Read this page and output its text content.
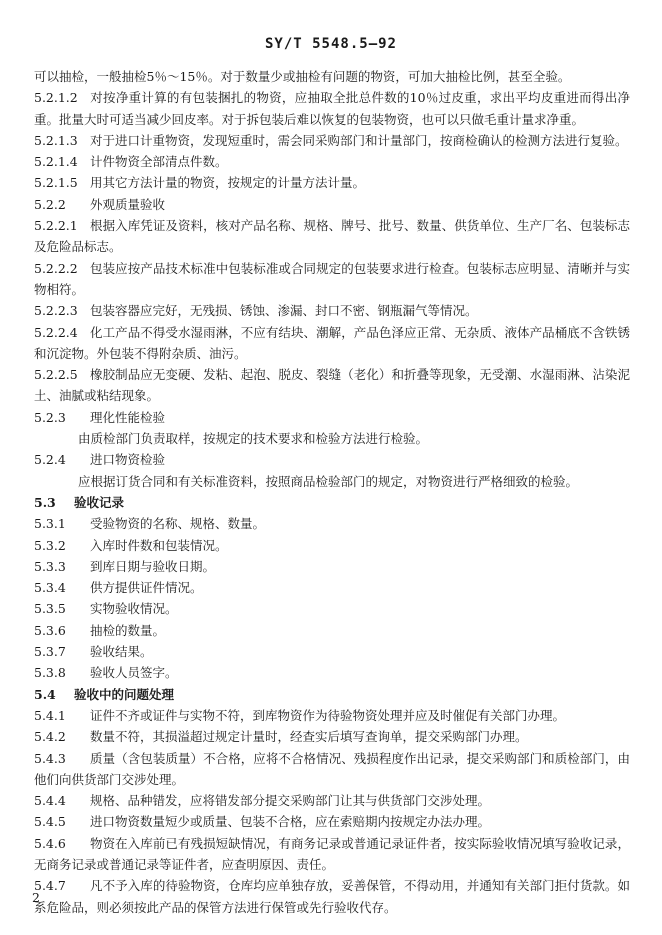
SY/T 5548.5—92

可以抽检，一般抽检5％～15％。对于数量少或抽检有问题的物资，可加大抽检比例，甚至全验。

5.2.1.2 对按净重计算的有包装捆扎的物资，应抽取全批总件数的10％过皮重，求出平均皮重进而得出净重。批量大时可适当减少回皮率。对于拆包装后难以恢复的包装物资，也可以只做毛重计量求净重。

5.2.1.3 对于进口计重物资，发现短重时，需会同采购部门和计量部门，按商检确认的检测方法进行复验。

5.2.1.4 计件物资全部清点件数。

5.2.1.5 用其它方法计量的物资，按规定的计量方法计量。

5.2.2 外观质量验收

5.2.2.1 根据入库凭证及资料，核对产品名称、规格、牌号、批号、数量、供货单位、生产厂名、包装标志及危险品标志。

5.2.2.2 包装应按产品技术标准中包装标准或合同规定的包装要求进行检查。包装标志应明显、清晰并与实物相符。

5.2.2.3 包装容器应完好，无残损、锈蚀、渗漏、封口不密、钢瓶漏气等情况。

5.2.2.4 化工产品不得受水湿雨淋，不应有结块、潮解，产品色泽应正常、无杂质、液体产品桶底不含铁锈和沉淀物。外包装不得附杂质、油污。

5.2.2.5 橡胶制品应无变硬、发粘、起泡、脱皮、裂缝（老化）和折叠等现象，无受潮、水湿雨淋、沾染泥土、油腻或粘结现象。

5.2.3 理化性能检验

由质检部门负责取样，按规定的技术要求和检验方法进行检验。

5.2.4 进口物资检验

应根据订货合同和有关标准资料，按照商品检验部门的规定，对物资进行严格细致的检验。

5.3 验收记录

5.3.1 受验物资的名称、规格、数量。

5.3.2 入库时件数和包装情况。

5.3.3 到库日期与验收日期。

5.3.4 供方提供证件情况。

5.3.5 实物验收情况。

5.3.6 抽检的数量。

5.3.7 验收结果。

5.3.8 验收人员签字。

5.4 验收中的问题处理

5.4.1 证件不齐或证件与实物不符，到库物资作为待验物资处理并应及时催促有关部门办理。

5.4.2 数量不符，其损溢超过规定计量时，经查实后填写查询单，提交采购部门办理。

5.4.3 质量（含包装质量）不合格，应将不合格情况、残损程度作出记录，提交采购部门和质检部门，由他们向供货部门交涉处理。

5.4.4 规格、品种错发，应将错发部分提交采购部门让其与供货部门交涉处理。

5.4.5 进口物资数量短少或质量、包装不合格，应在索赔期内按规定办法办理。

5.4.6 物资在入库前已有残损短缺情况，有商务记录或普通记录证件者，按实际验收情况填写验收记录，无商务记录或普通记录等证件者，应查明原因、责任。

5.4.7 凡不予入库的待验物资，仓库均应单独存放，妥善保管，不得动用，并通知有关部门拒付货款。如系危险品，则必须按此产品的保管方法进行保管或先行验收代存。

2
